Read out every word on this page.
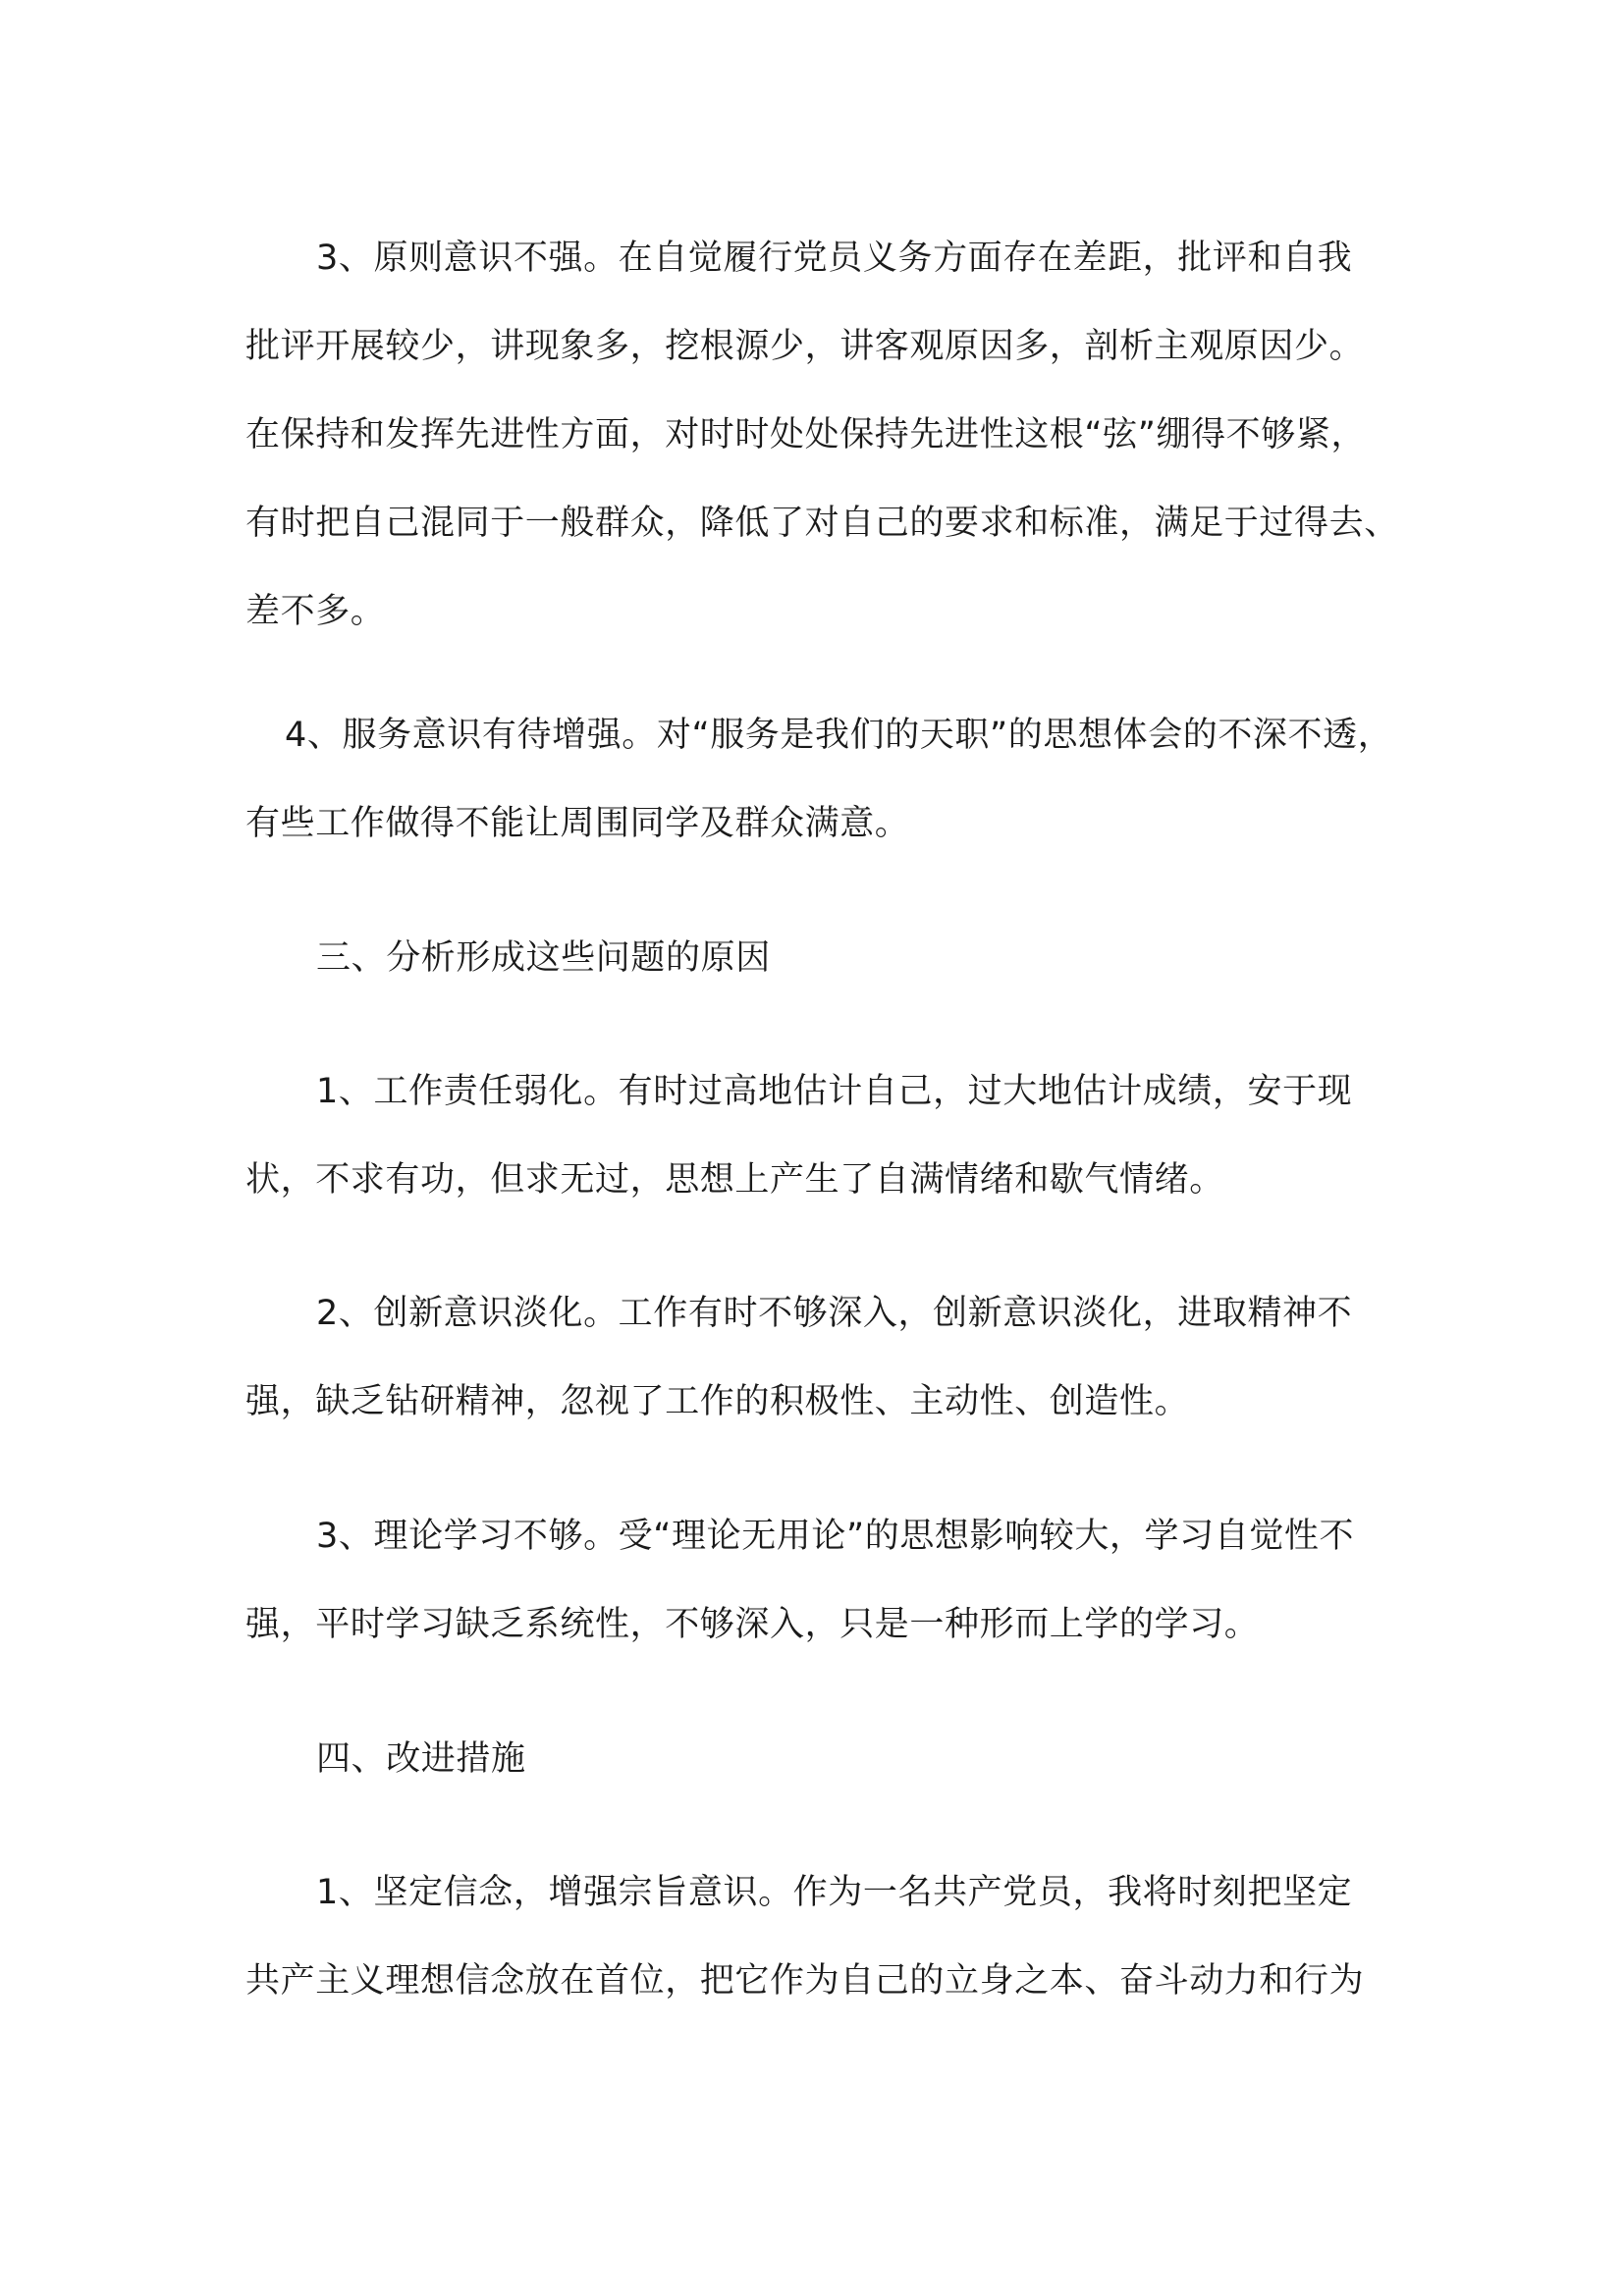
3、原则意识不强。在自觉履行党员义务方面存在差距，批评和自我
批评开展较少，讲现象多，挖根源少，讲客观原因多，剖析主观原因少。
在保持和发挥先进性方面，对时时处处保持先进性这根“弦”绷得不够紧，
有时把自己混同于一般群众，降低了对自己的要求和标准，满足于过得去、
差不多。
4、服务意识有待增强。对“服务是我们的天职”的思想体会的不深不透，
有些工作做得不能让周围同学及群众满意。
三、分析形成这些问题的原因
1、工作责任弱化。有时过高地估计自己，过大地估计成绩，安于现
状，不求有功，但求无过，思想上产生了自满情绪和歇气情绪。
2、创新意识淡化。工作有时不够深入，创新意识淡化，进取精神不
强，缺乏钻研精神，忽视了工作的积极性、主动性、创造性。
3、理论学习不够。受“理论无用论”的思想影响较大，学习自觉性不
强，平时学习缺乏系统性，不够深入，只是一种形而上学的学习。
四、改进措施
1、坚定信念，增强宗旨意识。作为一名共产党员，我将时刻把坚定
共产主义理想信念放在首位，把它作为自己的立身之本、奋斗动力和行为
